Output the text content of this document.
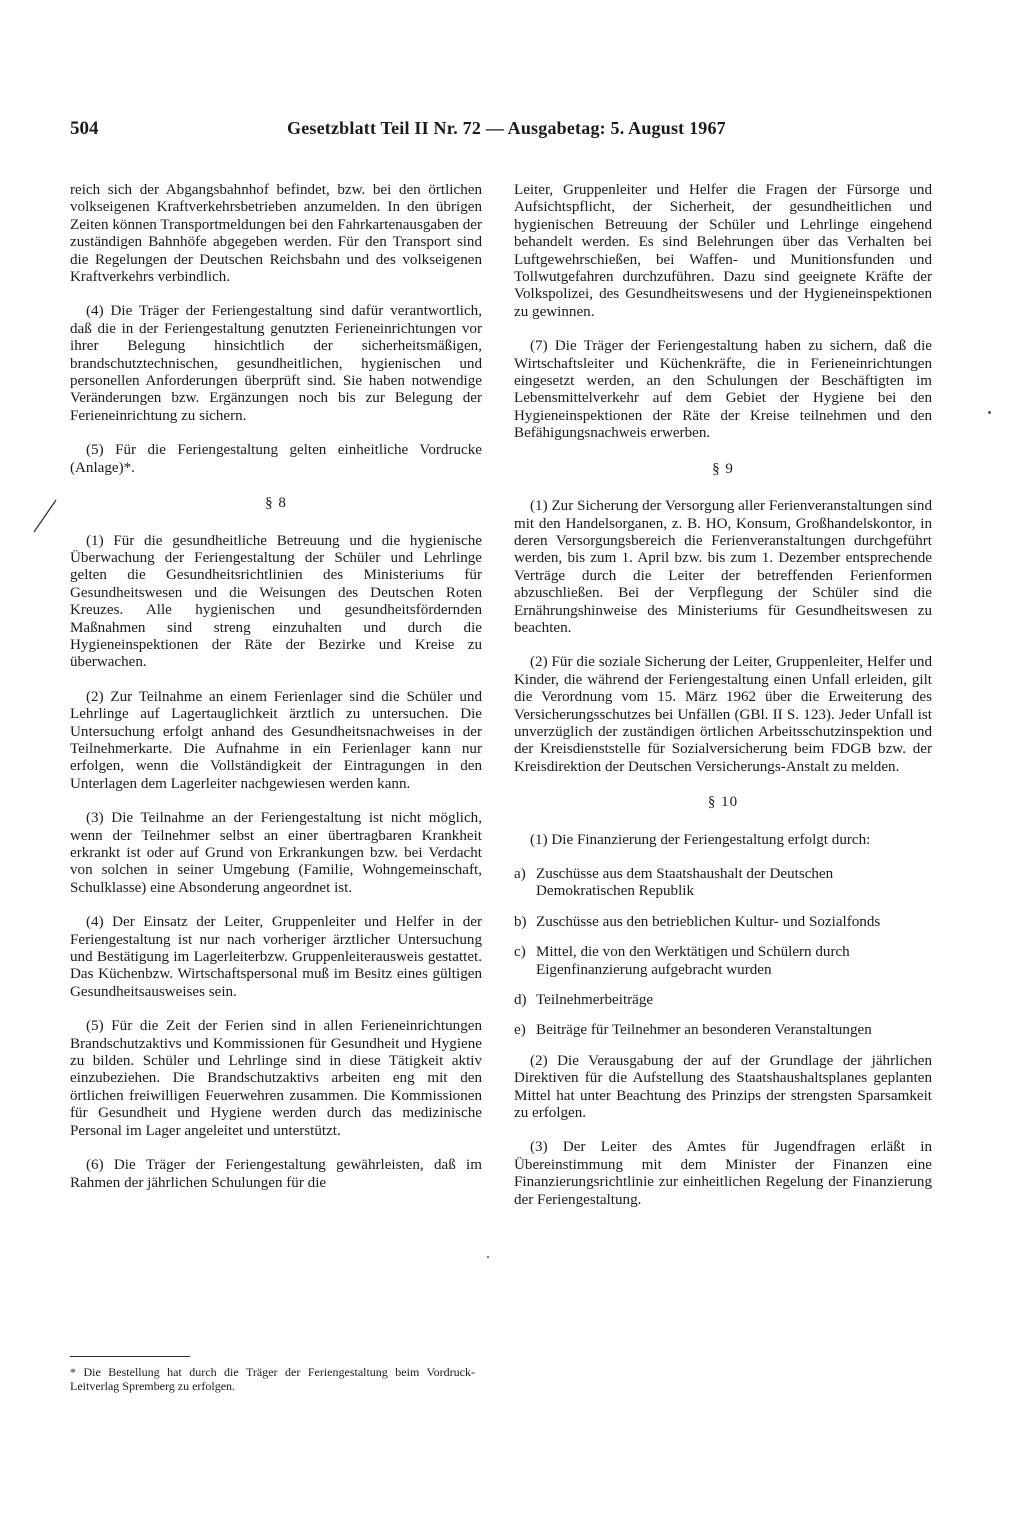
504	Gesetzblatt Teil II Nr. 72 — Ausgabetag: 5. August 1967

reich sich der Abgangsbahnhof befindet, bzw. bei den örtlichen volkseigenen Kraftverkehrsbetrieben anzumelden. In den übrigen Zeiten können Transportmeldungen bei den Fahrkartenausgaben der zuständigen Bahnhöfe abgegeben werden. Für den Transport sind die Regelungen der Deutschen Reichsbahn und des volkseigenen Kraftverkehrs verbindlich.

(4) Die Träger der Feriengestaltung sind dafür verantwortlich, daß die in der Feriengestaltung genutzten Ferieneinrichtungen vor ihrer Belegung hinsichtlich der sicherheitsmäßigen, brandschutztechnischen, gesundheitlichen, hygienischen und personellen Anforderungen überprüft sind. Sie haben notwendige Veränderungen bzw. Ergänzungen noch bis zur Belegung der Ferieneinrichtung zu sichern.

(5) Für die Feriengestaltung gelten einheitliche Vordrucke (Anlage)*.

§ 8

(1) Für die gesundheitliche Betreuung und die hygienische Überwachung der Feriengestaltung der Schüler und Lehrlinge gelten die Gesundheitsrichtlinien des Ministeriums für Gesundheitswesen und die Weisungen des Deutschen Roten Kreuzes. Alle hygienischen und gesundheitsfördernden Maßnahmen sind streng einzuhalten und durch die Hygieneinspektionen der Räte der Bezirke und Kreise zu überwachen.

(2) Zur Teilnahme an einem Ferienlager sind die Schüler und Lehrlinge auf Lagertauglichkeit ärztlich zu untersuchen. Die Untersuchung erfolgt anhand des Gesundheitsnachweises in der Teilnehmerkarte. Die Aufnahme in ein Ferienlager kann nur erfolgen, wenn die Vollständigkeit der Eintragungen in den Unterlagen dem Lagerleiter nachgewiesen werden kann.

(3) Die Teilnahme an der Feriengestaltung ist nicht möglich, wenn der Teilnehmer selbst an einer übertragbaren Krankheit erkrankt ist oder auf Grund von Erkrankungen bzw. bei Verdacht von solchen in seiner Umgebung (Familie, Wohngemeinschaft, Schulklasse) eine Absonderung angeordnet ist.

(4) Der Einsatz der Leiter, Gruppenleiter und Helfer in der Feriengestaltung ist nur nach vorheriger ärztlicher Untersuchung und Bestätigung im Lagerleiterbzw. Gruppenleiterausweis gestattet. Das Küchenbzw. Wirtschaftspersonal muß im Besitz eines gültigen Gesundheitsausweises sein.

(5) Für die Zeit der Ferien sind in allen Ferieneinrichtungen Brandschutzaktivs und Kommissionen für Gesundheit und Hygiene zu bilden. Schüler und Lehrlinge sind in diese Tätigkeit aktiv einzubeziehen. Die Brandschutzaktivs arbeiten eng mit den örtlichen freiwilligen Feuerwehren zusammen. Die Kommissionen für Gesundheit und Hygiene werden durch das medizinische Personal im Lager angeleitet und unterstützt.

(6) Die Träger der Feriengestaltung gewährleisten, daß im Rahmen der jährlichen Schulungen für die

* Die Bestellung hat durch die Träger der Feriengestaltung beim Vordruck-Leitverlag Spremberg zu erfolgen.

Leiter, Gruppenleiter und Helfer die Fragen der Fürsorge und Aufsichtspflicht, der Sicherheit, der gesundheitlichen und hygienischen Betreuung der Schüler und Lehrlinge eingehend behandelt werden. Es sind Belehrungen über das Verhalten bei Luftgewehrschießen, bei Waffen- und Munitionsfunden und Tollwutgefahren durchzuführen. Dazu sind geeignete Kräfte der Volkspolizei, des Gesundheitswesens und der Hygieneinspektionen zu gewinnen.

(7) Die Träger der Feriengestaltung haben zu sichern, daß die Wirtschaftsleiter und Küchenkräfte, die in Ferieneinrichtungen eingesetzt werden, an den Schulungen der Beschäftigten im Lebensmittelverkehr auf dem Gebiet der Hygiene bei den Hygieneinspektionen der Räte der Kreise teilnehmen und den Befähigungsnachweis erwerben.

§ 9

(1) Zur Sicherung der Versorgung aller Ferienveranstaltungen sind mit den Handelsorganen, z. B. HO, Konsum, Großhandelskontor, in deren Versorgungsbereich die Ferienveranstaltungen durchgeführt werden, bis zum 1. April bzw. bis zum 1. Dezember entsprechende Verträge durch die Leiter der betreffenden Ferienformen abzuschließen. Bei der Verpflegung der Schüler sind die Ernährungshinweise des Ministeriums für Gesundheitswesen zu beachten.

(2) Für die soziale Sicherung der Leiter, Gruppenleiter, Helfer und Kinder, die während der Feriengestaltung einen Unfall erleiden, gilt die Verordnung vom 15. März 1962 über die Erweiterung des Versicherungsschutzes bei Unfällen (GBl. II S. 123). Jeder Unfall ist unverzüglich der zuständigen örtlichen Arbeitsschutzinspektion und der Kreisdienststelle für Sozialversicherung beim FDGB bzw. der Kreisdirektion der Deutschen Versicherungs-Anstalt zu melden.

§ 10

(1) Die Finanzierung der Feriengestaltung erfolgt durch:

a) Zuschüsse aus dem Staatshaushalt der Deutschen Demokratischen Republik
b) Zuschüsse aus den betrieblichen Kultur- und Sozialfonds
c) Mittel, die von den Werktätigen und Schülern durch Eigenfinanzierung aufgebracht wurden
d) Teilnehmerbeiträge
e) Beiträge für Teilnehmer an besonderen Veranstaltungen

(2) Die Verausgabung der auf der Grundlage der jährlichen Direktiven für die Aufstellung des Staatshaushaltsplanes geplanten Mittel hat unter Beachtung des Prinzips der strengsten Sparsamkeit zu erfolgen.

(3) Der Leiter des Amtes für Jugendfragen erläßt in Übereinstimmung mit dem Minister der Finanzen eine Finanzierungsrichtlinie zur einheitlichen Regelung der Finanzierung der Feriengestaltung.
